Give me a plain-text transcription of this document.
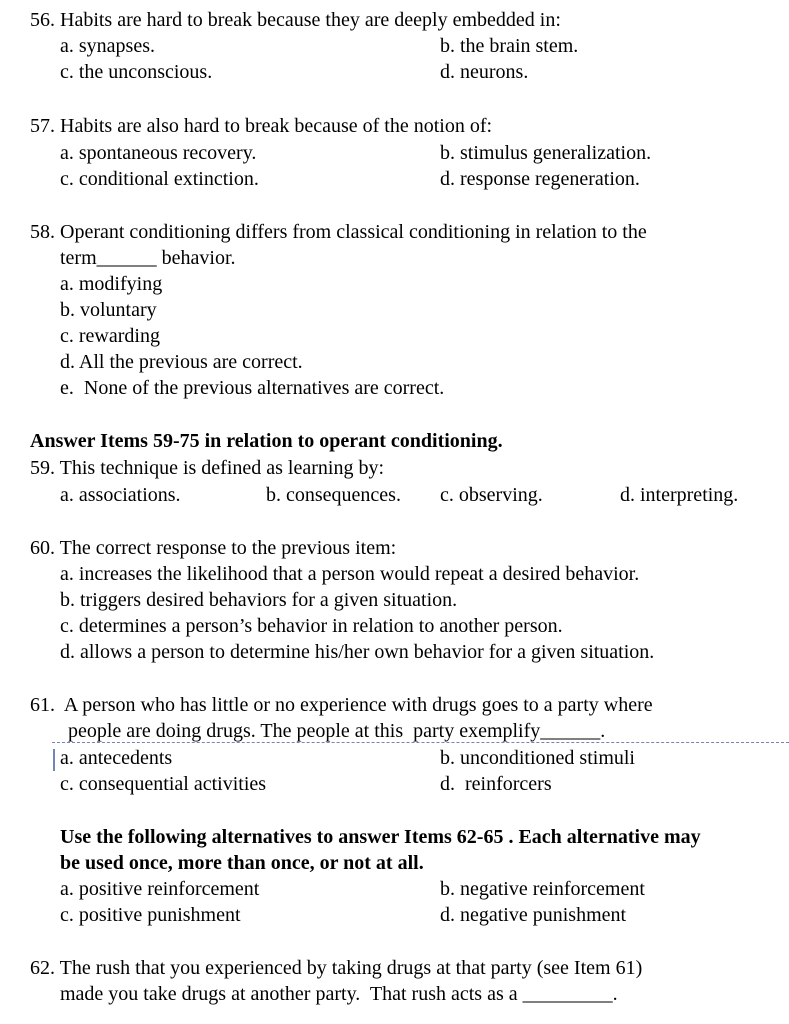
56. Habits are hard to break because they are deeply embedded in:
a. synapses.	b. the brain stem.
c. the unconscious.	d. neurons.
57. Habits are also hard to break because of the notion of:
a. spontaneous recovery.	b. stimulus generalization.
c. conditional extinction.	d. response regeneration.
58. Operant conditioning differs from classical conditioning in relation to the
term______ behavior.
a. modifying
b. voluntary
c. rewarding
d. All the previous are correct.
e.  None of the previous alternatives are correct.
Answer Items 59-75 in relation to operant conditioning.
59. This technique is defined as learning by:
a. associations.	b. consequences. c. observing.	d. interpreting.
60. The correct response to the previous item:
a. increases the likelihood that a person would repeat a desired behavior.
b. triggers desired behaviors for a given situation.
c. determines a person’s behavior in relation to another person.
d. allows a person to determine his/her own behavior for a given situation.
61.  A person who has little or no experience with drugs goes to a party where
people are doing drugs. The people at this  party exemplify______.
a. antecedents	b. unconditioned stimuli
c. consequential activities	d.  reinforcers
Use the following alternatives to answer Items 62-65 . Each alternative may
be used once, more than once, or not at all.
a. positive reinforcement	b. negative reinforcement
c. positive punishment	d. negative punishment
62. The rush that you experienced by taking drugs at that party (see Item 61)
made you take drugs at another party.  That rush acts as a _________.
